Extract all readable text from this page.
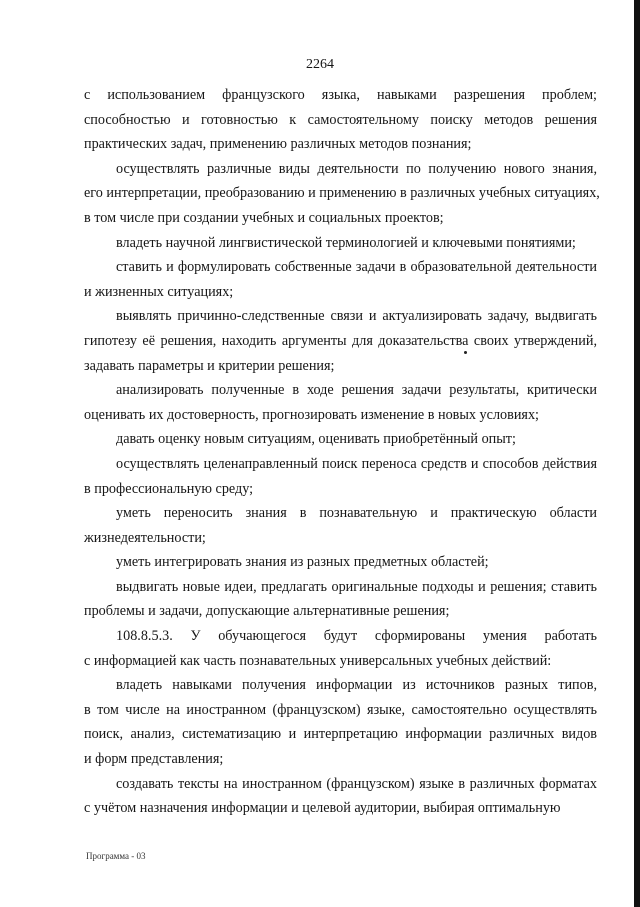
2264
с использованием французского языка, навыками разрешения проблем;
способностью и готовностью к самостоятельному поиску методов решения
практических задач, применению различных методов познания;
осуществлять различные виды деятельности по получению нового знания,
его интерпретации, преобразованию и применению в различных учебных ситуациях,
в том числе при создании учебных и социальных проектов;
владеть научной лингвистической терминологией и ключевыми понятиями;
ставить и формулировать собственные задачи в образовательной деятельности
и жизненных ситуациях;
выявлять причинно-следственные связи и актуализировать задачу, выдвигать
гипотезу её решения, находить аргументы для доказательства своих утверждений,
задавать параметры и критерии решения;
анализировать полученные в ходе решения задачи результаты, критически
оценивать их достоверность, прогнозировать изменение в новых условиях;
давать оценку новым ситуациям, оценивать приобретённый опыт;
осуществлять целенаправленный поиск переноса средств и способов действия
в профессиональную среду;
уметь переносить знания в познавательную и практическую области
жизнедеятельности;
уметь интегрировать знания из разных предметных областей;
выдвигать новые идеи, предлагать оригинальные подходы и решения; ставить
проблемы и задачи, допускающие альтернативные решения;
108.8.5.3. У обучающегося будут сформированы умения работать
с информацией как часть познавательных универсальных учебных действий:
владеть навыками получения информации из источников разных типов,
в том числе на иностранном (французском) языке, самостоятельно осуществлять
поиск, анализ, систематизацию и интерпретацию информации различных видов
и форм представления;
создавать тексты на иностранном (французском) языке в различных форматах
с учётом назначения информации и целевой аудитории, выбирая оптимальную
Программа - 03
